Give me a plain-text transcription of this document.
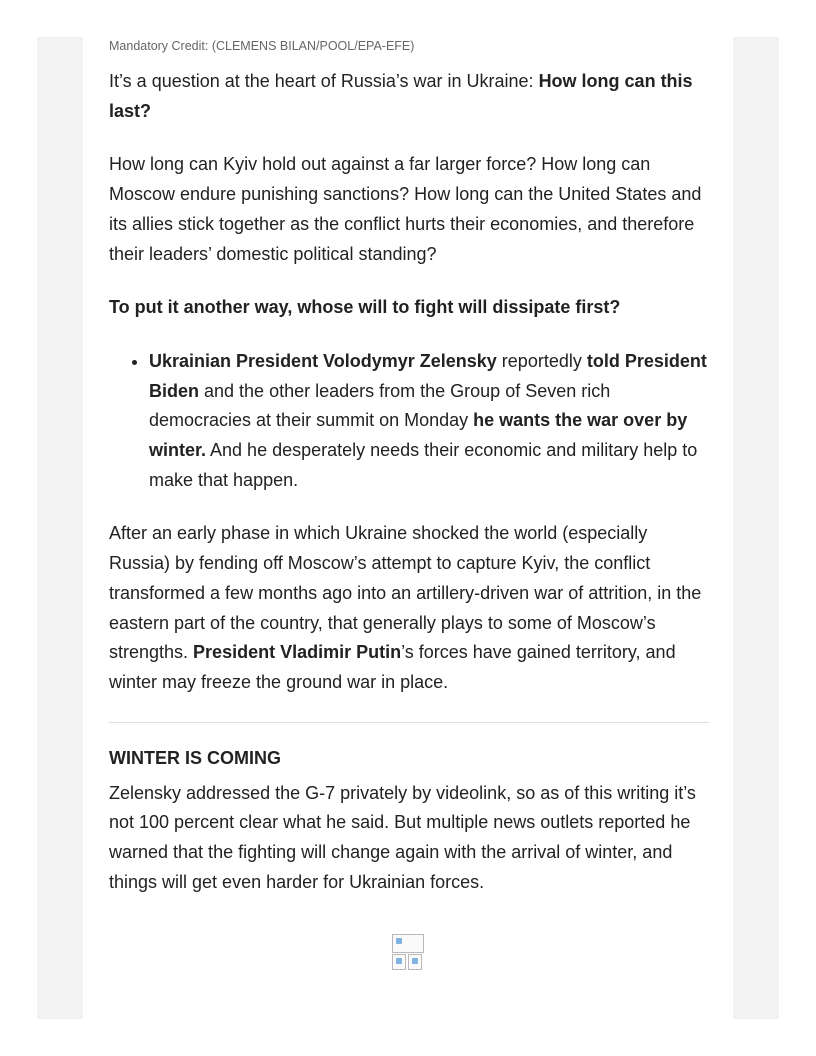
Mandatory Credit: (CLEMENS BILAN/POOL/EPA-EFE)

It’s a question at the heart of Russia’s war in Ukraine: How long can this last?

How long can Kyiv hold out against a far larger force? How long can Moscow endure punishing sanctions? How long can the United States and its allies stick together as the conflict hurts their economies, and therefore their leaders’ domestic political standing?

To put it another way, whose will to fight will dissipate first?

• Ukrainian President Volodymyr Zelensky reportedly told President Biden and the other leaders from the Group of Seven rich democracies at their summit on Monday he wants the war over by winter. And he desperately needs their economic and military help to make that happen.

After an early phase in which Ukraine shocked the world (especially Russia) by fending off Moscow’s attempt to capture Kyiv, the conflict transformed a few months ago into an artillery-driven war of attrition, in the eastern part of the country, that generally plays to some of Moscow’s strengths. President Vladimir Putin’s forces have gained territory, and winter may freeze the ground war in place.

WINTER IS COMING

Zelensky addressed the G-7 privately by videolink, so as of this writing it’s not 100 percent clear what he said. But multiple news outlets reported he warned that the fighting will change again with the arrival of winter, and things will get even harder for Ukrainian forces.
